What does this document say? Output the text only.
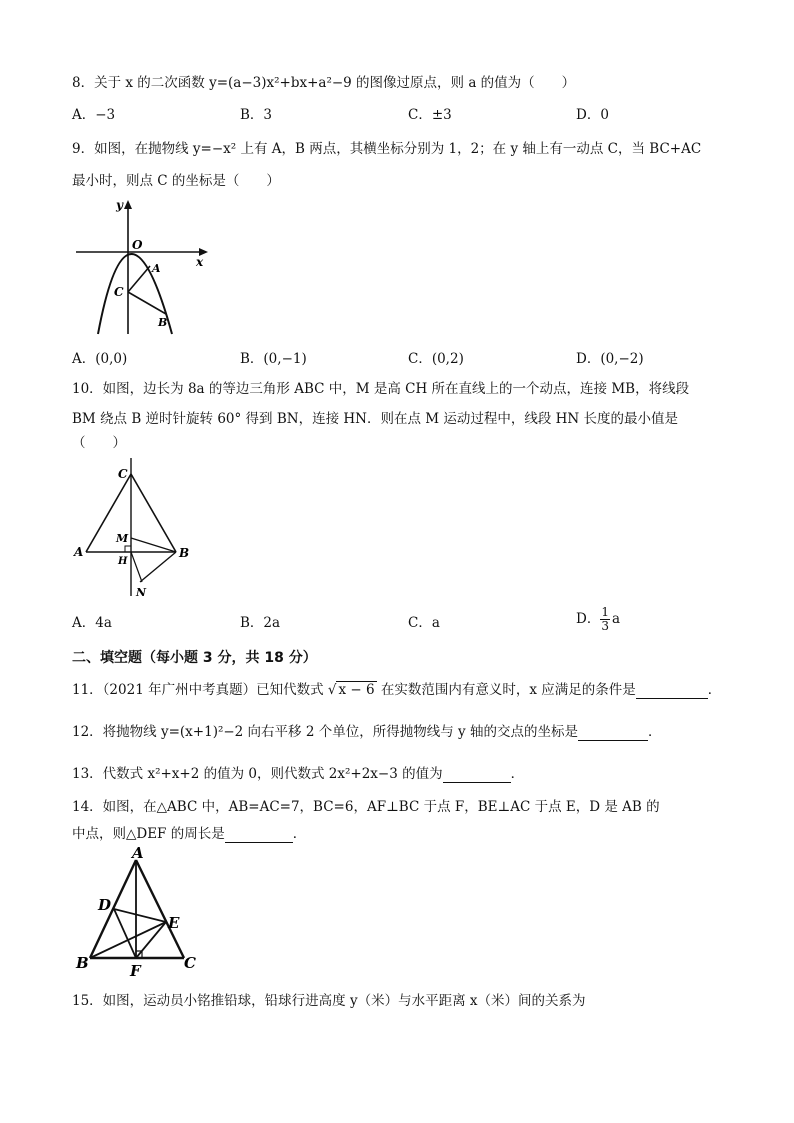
8．关于 x 的二次函数 y=(a−3)x²+bx+a²−9 的图像过原点，则 a 的值为（　　）
A．−3	B．3	C．±3	D．0
9．如图，在抛物线 y=−x² 上有 A，B 两点，其横坐标分别为 1，2；在 y 轴上有一动点 C，当 BC+AC
最小时，则点 C 的坐标是（　　）
y
O
x
A
C
B
A．(0,0)	B．(0,−1)	C．(0,2)	D．(0,−2)
10．如图，边长为 8a 的等边三角形 ABC 中，M 是高 CH 所在直线上的一个动点，连接 MB，将线段
BM 绕点 B 逆时针旋转 60° 得到 BN，连接 HN．则在点 M 运动过程中，线段 HN 长度的最小值是
（　　）
C
M
A
H
B
N
A．4a	B．2a	C．a	D． $\frac{1}{3}$ a
二、填空题（每小题 3 分，共 18 分）
11．（2021 年广州中考真题）已知代数式 √ x − 6 在实数范围内有意义时，x 应满足的条件是	．
12．将抛物线 y=(x+1)²−2 向右平移 2 个单位，所得抛物线与 y 轴的交点的坐标是	．
13．代数式 x²+x+2 的值为 0，则代数式 2x²+2x−3 的值为	．
14．如图，在△ABC 中，AB=AC=7，BC=6，AF⊥BC 于点 F，BE⊥AC 于点 E，D 是 AB 的
中点，则△DEF 的周长是	．
A
D
E
B	F	C
15．如图，运动员小铭推铅球，铅球行进高度 y（米）与水平距离 x（米）间的关系为
